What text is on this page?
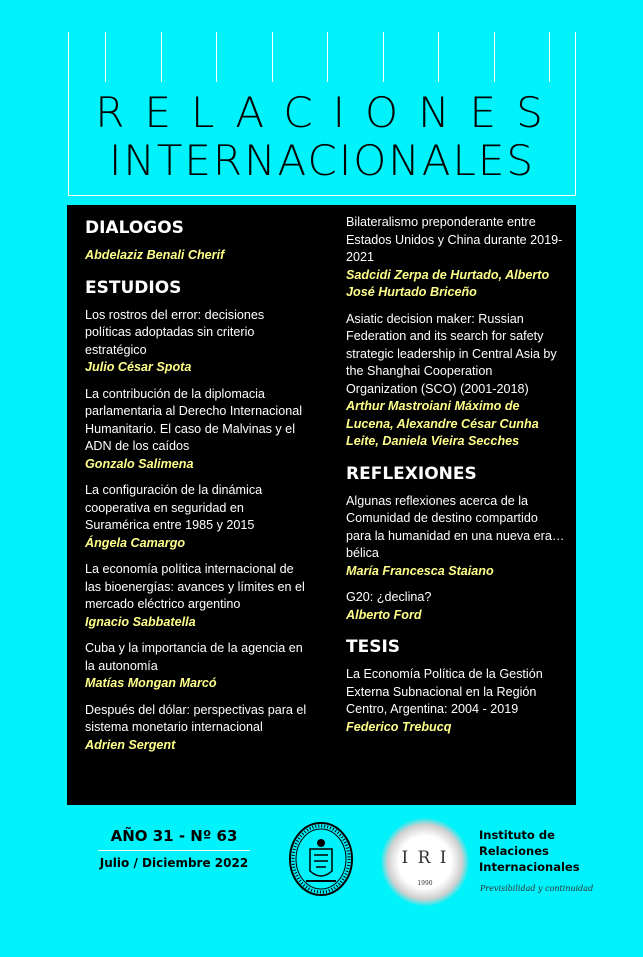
RELACIONES
INTERNACIONALES
DIALOGOS
Abdelaziz Benali Cherif
ESTUDIOS
Los rostros del error: decisiones políticas adoptadas sin criterio estratégico
Julio César Spota
La contribución de la diplomacia parlamentaria al Derecho Internacional Humanitario. El caso de Malvinas y el ADN de los caídos
Gonzalo Salimena
La configuración de la dinámica cooperativa en seguridad en Suramérica entre 1985 y 2015
Ángela Camargo
La economía política internacional de las bioenergías: avances y límites en el mercado eléctrico argentino
Ignacio Sabbatella
Cuba y la importancia de la agencia en la autonomía
Matías Mongan Marcó
Después del dólar: perspectivas para el sistema monetario internacional
Adrien Sergent
Bilateralismo preponderante entre Estados Unidos y China durante 2019-2021
Sadcidi Zerpa de Hurtado, Alberto José Hurtado Briceño
Asiatic decision maker: Russian Federation and its search for safety strategic leadership in Central Asia by the Shanghai Cooperation Organization (SCO) (2001-2018)
Arthur Mastroiani Máximo de Lucena, Alexandre César Cunha Leite, Daniela Vieira Secches
REFLEXIONES
Algunas reflexiones acerca de la Comunidad de destino compartido para la humanidad en una nueva era…bélica
María Francesca Staiano
G20: ¿declina?
Alberto Ford
TESIS
La Economía Política de la Gestión Externa Subnacional en la Región Centro, Argentina: 2004 - 2019
Federico Trebucq
AÑO 31 - Nº 63
Julio / Diciembre 2022	I R I
1990
Instituto de
Relaciones
Internacionales
Previsibilidad y continuidad
